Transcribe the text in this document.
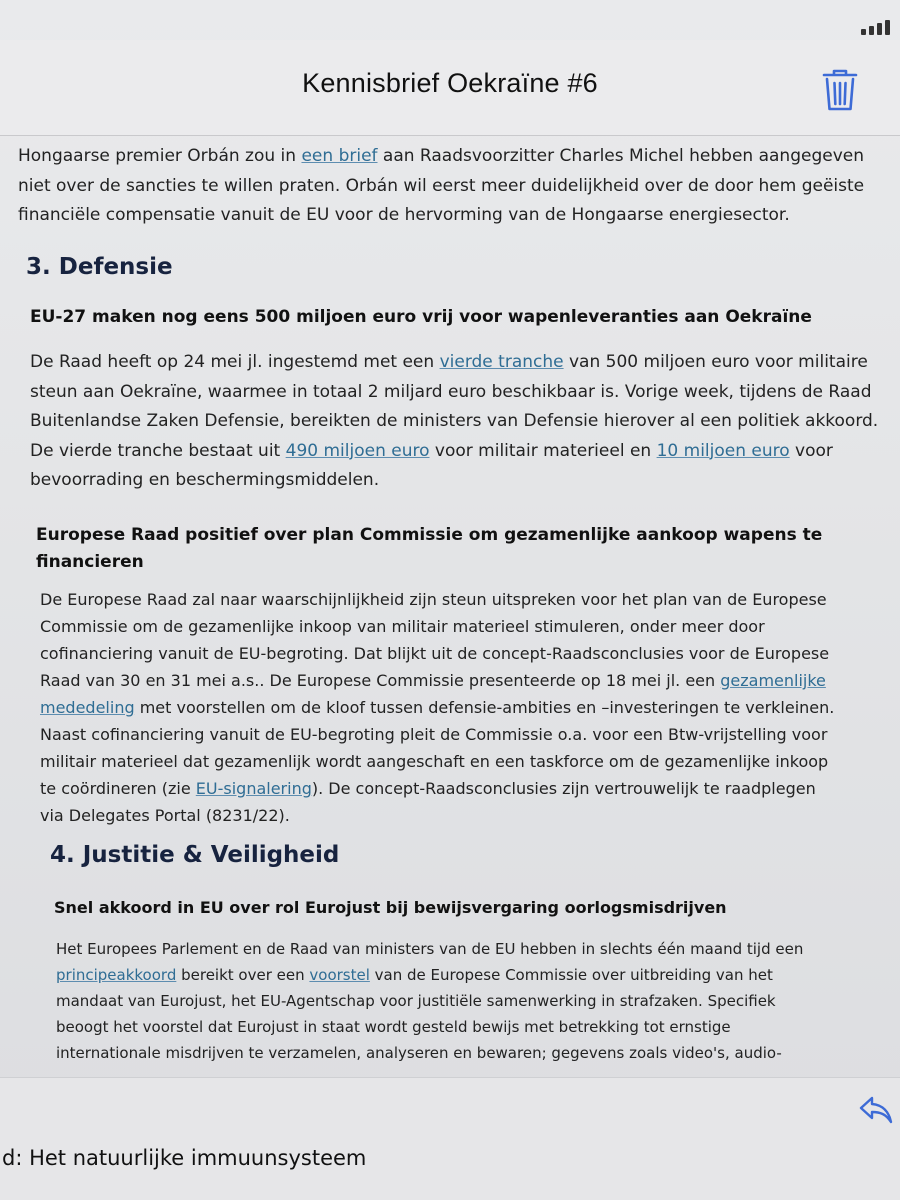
Kennisbrief Oekraïne #6
Hongaarse premier Orbán zou in een brief aan Raadsvoorzitter Charles Michel hebben aangegeven
niet over de sancties te willen praten. Orbán wil eerst meer duidelijkheid over de door hem geëiste
financiële compensatie vanuit de EU voor de hervorming van de Hongaarse energiesector.
3. Defensie
EU-27 maken nog eens 500 miljoen euro vrij voor wapenleveranties aan Oekraïne
De Raad heeft op 24 mei jl. ingestemd met een vierde tranche van 500 miljoen euro voor militaire
steun aan Oekraïne, waarmee in totaal 2 miljard euro beschikbaar is. Vorige week, tijdens de Raad
Buitenlandse Zaken Defensie, bereikten de ministers van Defensie hierover al een politiek akkoord.
De vierde tranche bestaat uit 490 miljoen euro voor militair materieel en 10 miljoen euro voor
bevoorrading en beschermingsmiddelen.
Europese Raad positief over plan Commissie om gezamenlijke aankoop wapens te
financieren
De Europese Raad zal naar waarschijnlijkheid zijn steun uitspreken voor het plan van de Europese
Commissie om de gezamenlijke inkoop van militair materieel stimuleren, onder meer door
cofinanciering vanuit de EU-begroting. Dat blijkt uit de concept-Raadsconclusies voor de Europese
Raad van 30 en 31 mei a.s.. De Europese Commissie presenteerde op 18 mei jl. een gezamenlijke
mededeling met voorstellen om de kloof tussen defensie-ambities en –investeringen te verkleinen.
Naast cofinanciering vanuit de EU-begroting pleit de Commissie o.a. voor een Btw-vrijstelling voor
militair materieel dat gezamenlijk wordt aangeschaft en een taskforce om de gezamenlijke inkoop
te coördineren (zie EU-signalering). De concept-Raadsconclusies zijn vertrouwelijk te raadplegen
via Delegates Portal (8231/22).
4. Justitie & Veiligheid
Snel akkoord in EU over rol Eurojust bij bewijsvergaring oorlogsmisdrijven
Het Europees Parlement en de Raad van ministers van de EU hebben in slechts één maand tijd een
principeakkoord bereikt over een voorstel van de Europese Commissie over uitbreiding van het
mandaat van Eurojust, het EU-Agentschap voor justitiële samenwerking in strafzaken. Specifiek
beoogt het voorstel dat Eurojust in staat wordt gesteld bewijs met betrekking tot ernstige
internationale misdrijven te verzamelen, analyseren en bewaren; gegevens zoals video's, audio-
d: Het natuurlijke immuunsysteem
